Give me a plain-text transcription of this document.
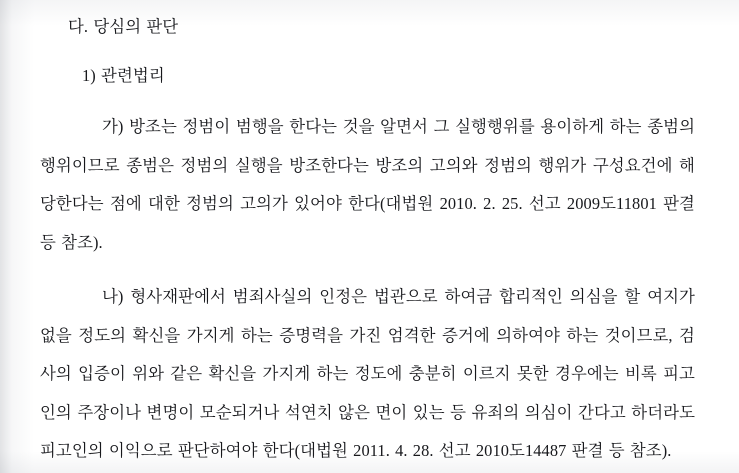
다. 당심의 판단

1) 관련법리

가) 방조는 정범이 범행을 한다는 것을 알면서 그 실행행위를 용이하게 하는 종범의 행위이므로 종범은 정범의 실행을 방조한다는 방조의 고의와 정범의 행위가 구성요건에 해당한다는 점에 대한 정범의 고의가 있어야 한다(대법원 2010. 2. 25. 선고 2009도11801 판결 등 참조).

나) 형사재판에서 범죄사실의 인정은 법관으로 하여금 합리적인 의심을 할 여지가 없을 정도의 확신을 가지게 하는 증명력을 가진 엄격한 증거에 의하여야 하는 것이므로, 검사의 입증이 위와 같은 확신을 가지게 하는 정도에 충분히 이르지 못한 경우에는 비록 피고인의 주장이나 변명이 모순되거나 석연치 않은 면이 있는 등 유죄의 의심이 간다고 하더라도 피고인의 이익으로 판단하여야 한다(대법원 2011. 4. 28. 선고 2010도14487 판결 등 참조).
